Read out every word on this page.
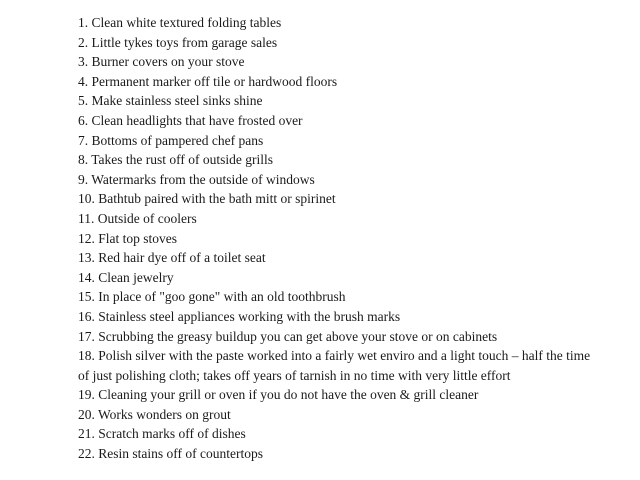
1. Clean white textured folding tables
2. Little tykes toys from garage sales
3. Burner covers on your stove
4. Permanent marker off tile or hardwood floors
5. Make stainless steel sinks shine
6. Clean headlights that have frosted over
7. Bottoms of pampered chef pans
8. Takes the rust off of outside grills
9. Watermarks from the outside of windows
10. Bathtub paired with the bath mitt or spirinet
11. Outside of coolers
12. Flat top stoves
13. Red hair dye off of a toilet seat
14. Clean jewelry
15. In place of "goo gone" with an old toothbrush
16. Stainless steel appliances working with the brush marks
17. Scrubbing the greasy buildup you can get above your stove or on cabinets
18. Polish silver with the paste worked into a fairly wet enviro and a light touch – half the time of just polishing cloth; takes off years of tarnish in no time with very little effort
19. Cleaning your grill or oven if you do not have the oven & grill cleaner
20. Works wonders on grout
21. Scratch marks off of dishes
22. Resin stains off of countertops
